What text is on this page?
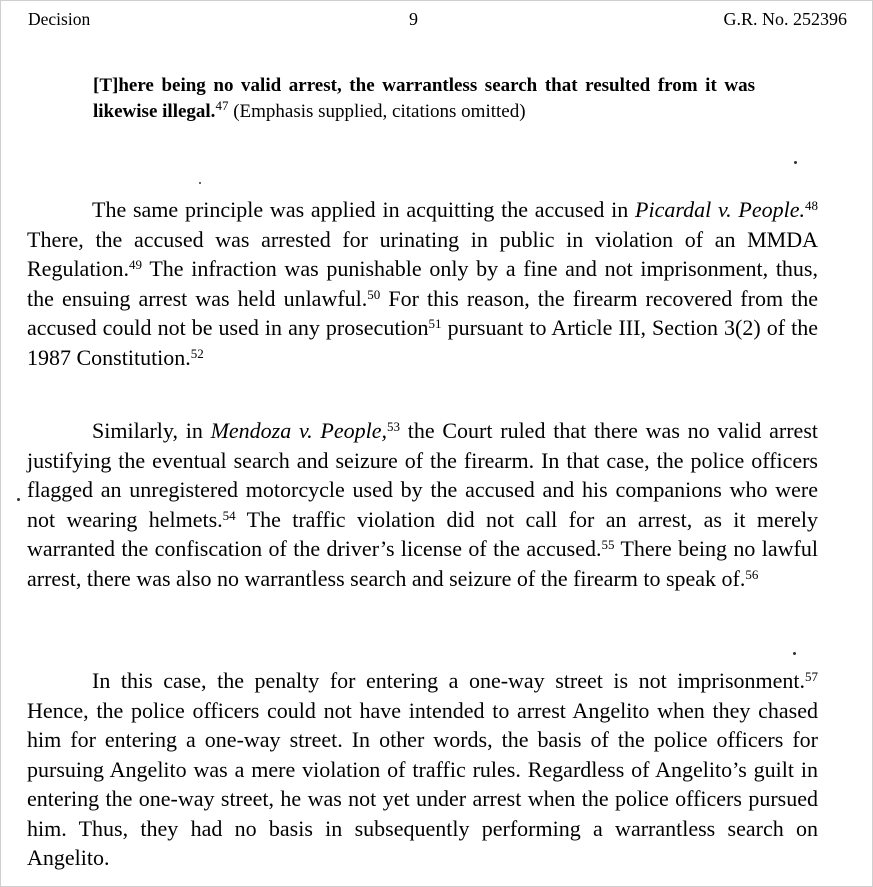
Decision	9	G.R. No. 252396
[T]here being no valid arrest, the warrantless search that resulted from it was likewise illegal.$^{47}$ (Emphasis supplied, citations omitted)
The same principle was applied in acquitting the accused in Picardal v. People.$^{48}$ There, the accused was arrested for urinating in public in violation of an MMDA Regulation.$^{49}$ The infraction was punishable only by a fine and not imprisonment, thus, the ensuing arrest was held unlawful.$^{50}$ For this reason, the firearm recovered from the accused could not be used in any prosecution$^{51}$ pursuant to Article III, Section 3(2) of the 1987 Constitution.$^{52}$
Similarly, in Mendoza v. People,$^{53}$ the Court ruled that there was no valid arrest justifying the eventual search and seizure of the firearm. In that case, the police officers flagged an unregistered motorcycle used by the accused and his companions who were not wearing helmets.$^{54}$ The traffic violation did not call for an arrest, as it merely warranted the confiscation of the driver’s license of the accused.$^{55}$ There being no lawful arrest, there was also no warrantless search and seizure of the firearm to speak of.$^{56}$
In this case, the penalty for entering a one-way street is not imprisonment.$^{57}$ Hence, the police officers could not have intended to arrest Angelito when they chased him for entering a one-way street. In other words, the basis of the police officers for pursuing Angelito was a mere violation of traffic rules. Regardless of Angelito’s guilt in entering the one-way street, he was not yet under arrest when the police officers pursued him. Thus, they had no basis in subsequently performing a warrantless search on Angelito.
